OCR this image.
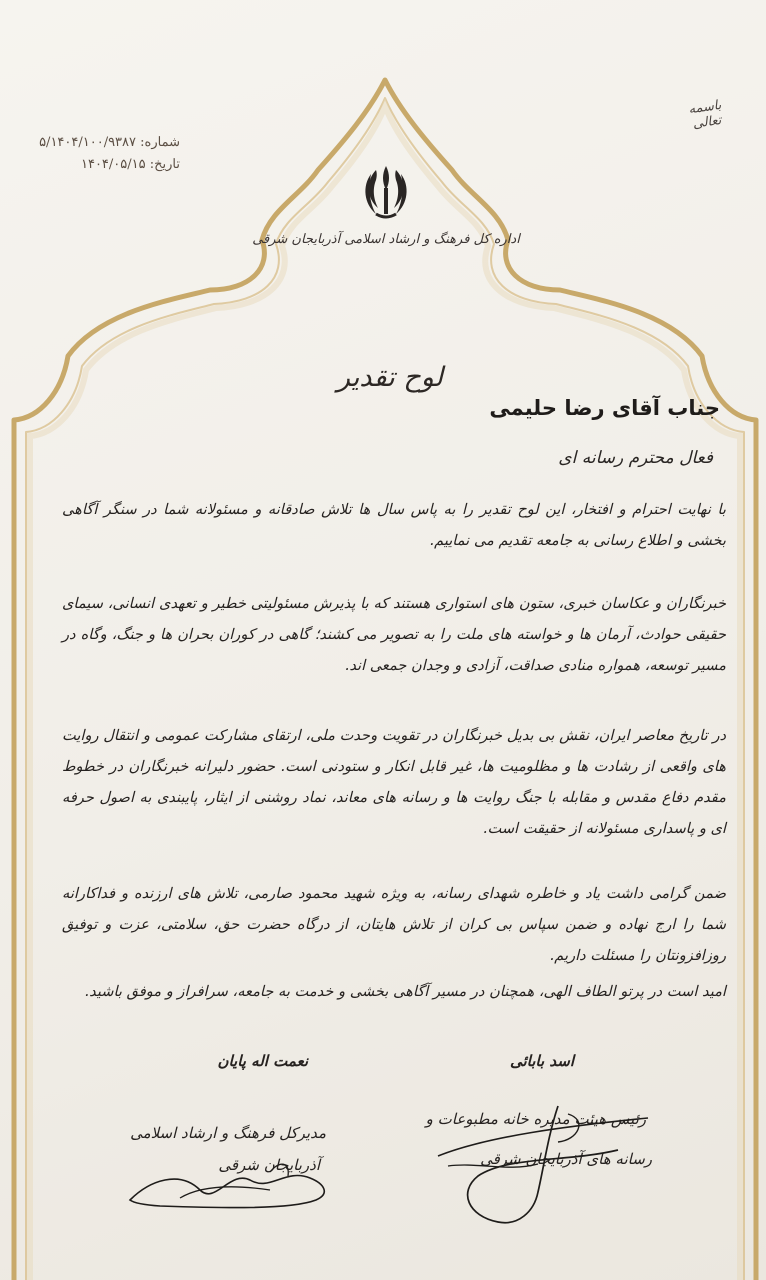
باسمه تعالی
شماره: ۵/۱۴۰۴/۱۰۰/۹۳۸۷
تاریخ: ۱۴۰۴/۰۵/۱۵
اداره کل فرهنگ و ارشاد اسلامی آذربایجان شرقی
لوح تقدیر
جناب آقای رضا حلیمی
فعال محترم رسانه ای
با نهایت احترام و افتخار، این لوح تقدیر را به پاس سال ها تلاش صادقانه و مسئولانه شما در سنگر آگاهی بخشی و اطلاع رسانی به جامعه تقدیم می نماییم.
خبرنگاران و عکاسان خبری، ستون های استواری هستند که با پذیرش مسئولیتی خطیر و تعهدی انسانی، سیمای حقیقی حوادث، آرمان ها و خواسته های ملت را به تصویر می کشند؛ گاهی در کوران بحران ها و جنگ، وگاه در مسیر توسعه، همواره منادی صداقت، آزادی و وجدان جمعی اند.
در تاریخ معاصر ایران، نقش بی بدیل خبرنگاران در تقویت وحدت ملی، ارتقای مشارکت عمومی و انتقال روایت های واقعی از رشادت ها و مظلومیت ها، غیر قابل انکار و ستودنی است. حضور دلیرانه خبرنگاران در خطوط مقدم دفاع مقدس و مقابله با جنگ روایت ها و رسانه های معاند، نماد روشنی از ایثار، پایبندی به اصول حرفه ای و پاسداری مسئولانه از حقیقت است.
ضمن گرامی داشت یاد و خاطره شهدای رسانه، به ویژه شهید محمود صارمی، تلاش های ارزنده و فداکارانه شما را ارج نهاده و ضمن سپاس بی کران از تلاش هایتان، از درگاه حضرت حق، سلامتی، عزت و توفیق روزافزونتان را مسئلت داریم.
امید است در پرتو الطاف الهی، همچنان در مسیر آگاهی بخشی و خدمت به جامعه، سرافراز و موفق باشید.
نعمت اله پایان
مدیرکل فرهنگ و ارشاد اسلامی
آذربایجان شرقی
اسد بابائی
رئیس هیئت مدیره خانه مطبوعات و
رسانه های آذربایجان شرقی
